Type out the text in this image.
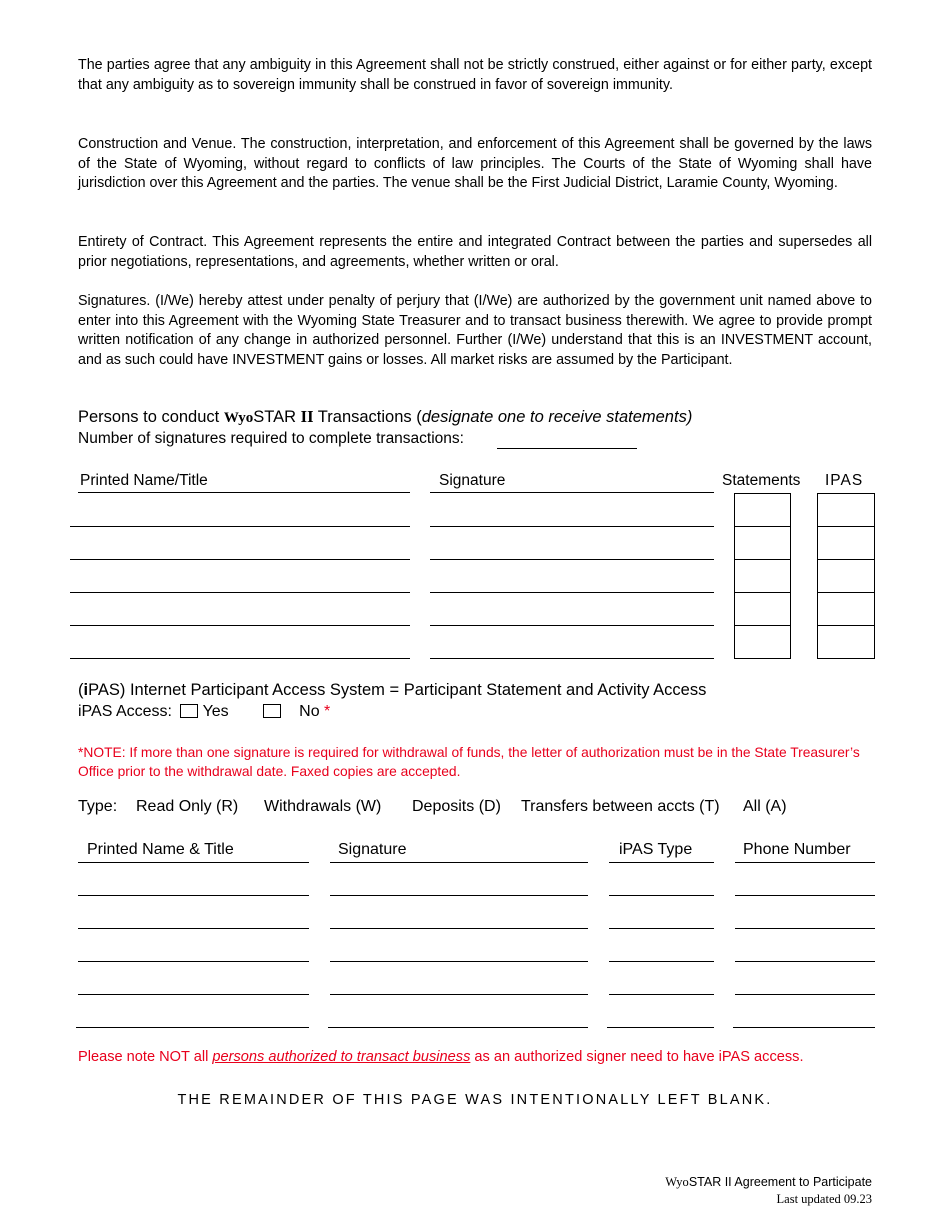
The parties agree that any ambiguity in this Agreement shall not be strictly construed, either against or for either party, except that any ambiguity as to sovereign immunity shall be construed in favor of sovereign immunity.

Construction and Venue. The construction, interpretation, and enforcement of this Agreement shall be governed by the laws of the State of Wyoming, without regard to conflicts of law principles. The Courts of the State of Wyoming shall have jurisdiction over this Agreement and the parties. The venue shall be the First Judicial District, Laramie County, Wyoming.

Entirety of Contract. This Agreement represents the entire and integrated Contract between the parties and supersedes all prior negotiations, representations, and agreements, whether written or oral.

Signatures. (I/We) hereby attest under penalty of perjury that (I/We) are authorized by the government unit named above to enter into this Agreement with the Wyoming State Treasurer and to transact business therewith. We agree to provide prompt written notification of any change in authorized personnel. Further (I/We) understand that this is an INVESTMENT account, and as such could have INVESTMENT gains or losses. All market risks are assumed by the Participant.

Persons to conduct WyoSTAR II Transactions (designate one to receive statements)
Number of signatures required to complete transactions:
Printed Name/Title	Signature	Statements IPAS
(iPAS) Internet Participant Access System = Participant Statement and Activity Access
iPAS Access: Yes	No *

*NOTE: If more than one signature is required for withdrawal of funds, the letter of authorization must be in the State Treasurer’s Office prior to the withdrawal date. Faxed copies are accepted.

Type: Read Only (R) Withdrawals (W) Deposits (D) Transfers between accts (T) All (A)
Printed Name & Title	Signature	iPAS Type	Phone Number
Please note NOT all persons authorized to transact business as an authorized signer need to have iPAS access.
THE REMAINDER OF THIS PAGE WAS INTENTIONALLY LEFT BLANK.
WyoSTAR II Agreement to Participate
Last updated 09.23
